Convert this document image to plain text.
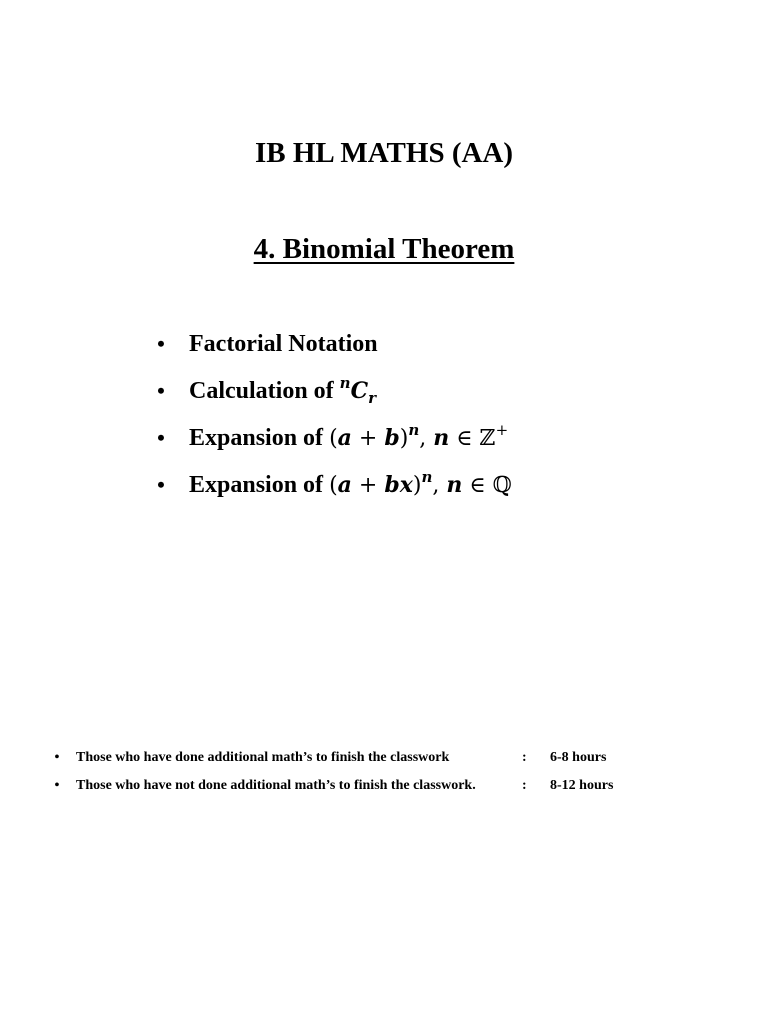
IB HL MATHS (AA)
4. Binomial Theorem
• Factorial Notation
• Calculation of $^nC_r$
• Expansion of $(a + b)^n$, n ∈ ℤ+
• Expansion of (a + bx)$^n$, n ∈ ℚ
•	Those who have done additional math’s to finish the classwork	: 6-8 hours
•	Those who have not done additional math’s to finish the classwork.	: 8-12 hours
